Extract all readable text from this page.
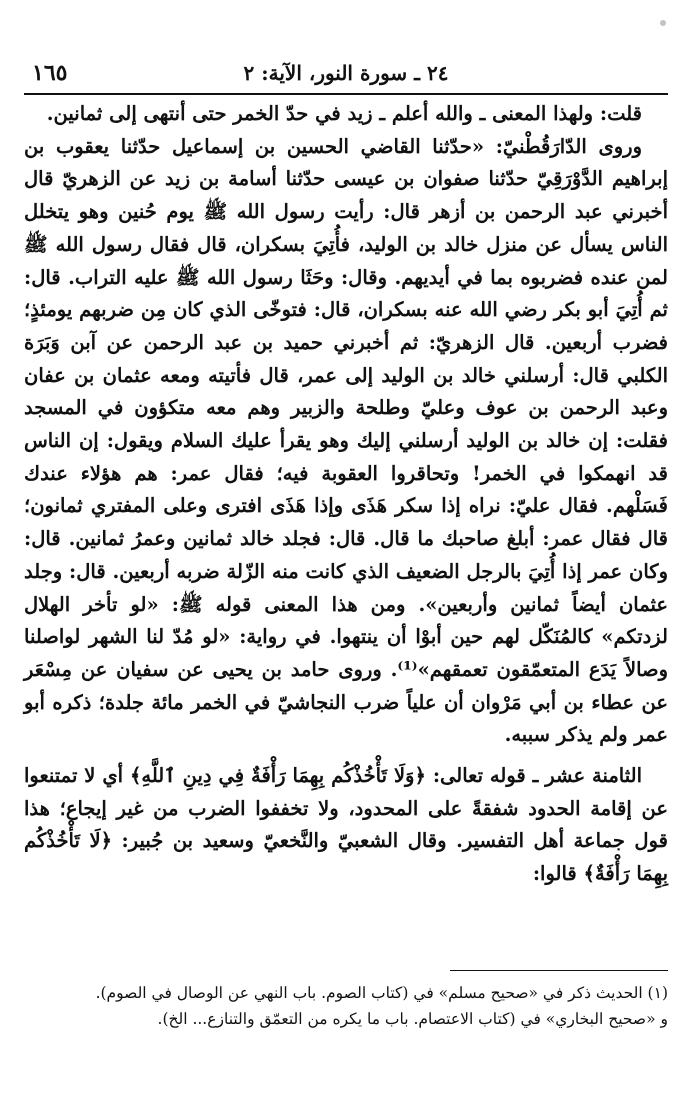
١٦٥	٢٤ ـ سورة النور، الآية: ٢

قلت: ولهذا المعنى ـ والله أعلم ـ زيد في حدّ الخمر حتى أنتهى إلى ثمانين.

وروى الدّارَقُطْنيّ: «حدّثنا القاضي الحسين بن إسماعيل حدّثنا يعقوب بن إبراهيم الدَّوْرَقِيّ حدّثنا صفوان بن عيسى حدّثنا أسامة بن زيد عن الزهريّ قال أخبرني عبد الرحمن بن أزهر قال: رأيت رسول الله ﷺ يوم حُنين وهو يتخلل الناس يسأل عن منزل خالد بن الوليد، فأُتِيَ بسكران، قال فقال رسول الله ﷺ لمن عنده فضربوه بما في أيديهم. وقال: وحَثَا رسول الله ﷺ عليه التراب. قال: ثم أُتِيَ أبو بكر رضي الله عنه بسكران، قال: فتوخّى الذي كان مِن ضربهم يومئذٍ؛ فضرب أربعين. قال الزهريّ: ثم أخبرني حميد بن عبد الرحمن عن آبن وَبَرَة الكلبي قال: أرسلني خالد بن الوليد إلى عمر، قال فأتيته ومعه عثمان بن عفان وعبد الرحمن بن عوف وعليّ وطلحة والزبير وهم معه متكؤون في المسجد فقلت: إن خالد بن الوليد أرسلني إليك وهو يقرأ عليك السلام ويقول: إن الناس قد انهمكوا في الخمر! وتحاقروا العقوبة فيه؛ فقال عمر: هم هؤلاء عندك فَسَلْهم. فقال عليّ: نراه إذا سكر هَذَى وإذا هَذَى افترى وعلى المفتري ثمانون؛ قال فقال عمر: أبلغ صاحبك ما قال. قال: فجلد خالد ثمانين وعمرُ ثمانين. قال: وكان عمر إذا أُتِيَ بالرجل الضعيف الذي كانت منه الزّلة ضربه أربعين. قال: وجلد عثمان أيضاً ثمانين وأربعين». ومن هذا المعنى قوله ﷺ: «لو تأخر الهلال لزدتكم» كالمُنَكّل لهم حين أبوْا أن ينتهوا. في رواية: «لو مُدّ لنا الشهر لواصلنا وصالاً يَدَع المتعمّقون تعمقهم»⁽¹⁾. وروى حامد بن يحيى عن سفيان عن مِسْعَر عن عطاء بن أبي مَرْوان أن علياً ضرب النجاشيّ في الخمر مائة جلدة؛ ذكره أبو عمر ولم يذكر سببه.

الثامنة عشر ـ قوله تعالى: ﴿وَلَا تَأْخُذْكُم بِهِمَا رَأْفَةٌ فِي دِينِ ٱللَّهِ﴾ أي لا تمتنعوا عن إقامة الحدود شفقةً على المحدود، ولا تخففوا الضرب من غير إيجاع؛ هذا قول جماعة أهل التفسير. وقال الشعبيّ والنَّخعيّ وسعيد بن جُبير: ﴿لَا تَأْخُذْكُم بِهِمَا رَأْفَةٌ﴾ قالوا:

(١) الحديث ذكر في «صحيح مسلم» في (كتاب الصوم. باب النهي عن الوصال في الصوم).

و «صحيح البخاري» في (كتاب الاعتصام. باب ما يكره من التعمّق والتنازع... الخ).
